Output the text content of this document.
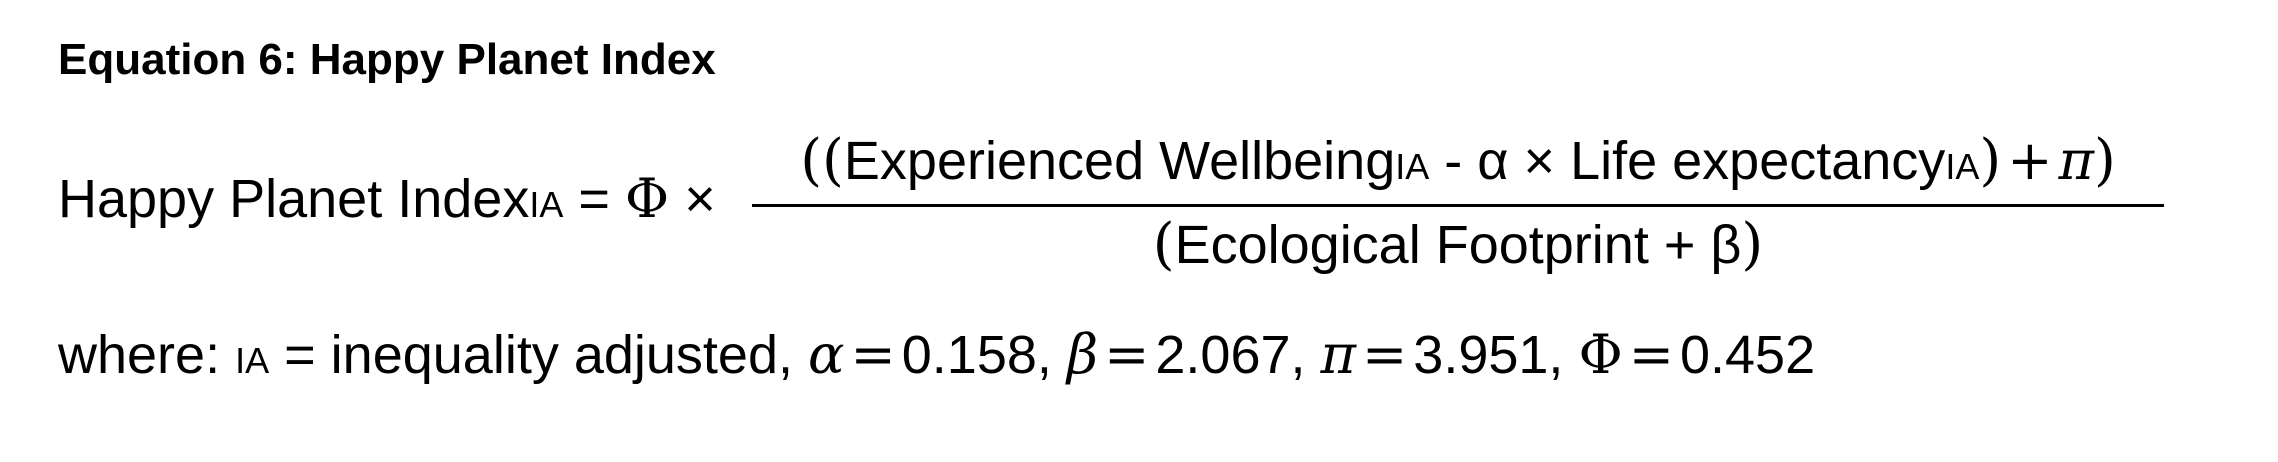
Equation 6: Happy Planet Index
Happy Planet IndexIA = Φ ×
((Experienced WellbeingIA - α × Life expectancyIA) + π)
(Ecological Footprint + β)
where: IA = inequality adjusted, α = 0.158, β = 2.067, π = 3.951, Φ = 0.452
